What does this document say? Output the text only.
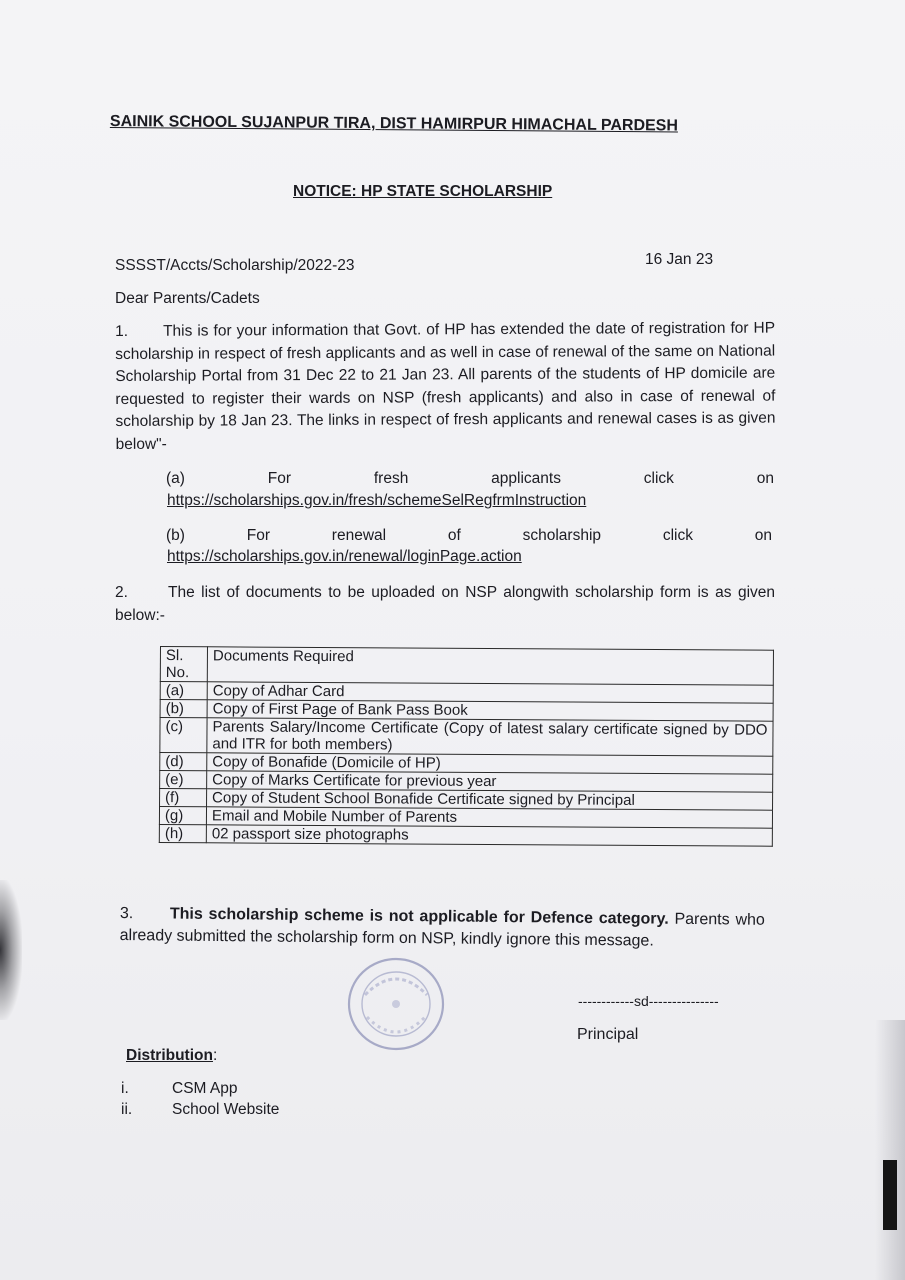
SAINIK SCHOOL SUJANPUR TIRA, DIST HAMIRPUR HIMACHAL PARDESH
NOTICE: HP STATE SCHOLARSHIP
SSSST/Accts/Scholarship/2022-23	16 Jan 23
Dear Parents/Cadets
1. This is for your information that Govt. of HP has extended the date of registration for HP scholarship in respect of fresh applicants and as well in case of renewal of the same on National Scholarship Portal from 31 Dec 22 to 21 Jan 23. All parents of the students of HP domicile are requested to register their wards on NSP (fresh applicants) and also in case of renewal of scholarship by 18 Jan 23. The links in respect of fresh applicants and renewal cases is as given below"-
(a)	For	fresh	applicants	click	on
https://scholarships.gov.in/fresh/schemeSelRegfrmInstruction
(b)	For	renewal	of	scholarship	click	on
https://scholarships.gov.in/renewal/loginPage.action
2.	The list of documents to be uploaded on NSP alongwith scholarship form is as given below:-
Sl. No.	Documents Required
(a)	Copy of Adhar Card
(b)	Copy of First Page of Bank Pass Book
(c)	Parents Salary/Income Certificate (Copy of latest salary certificate signed by DDO and ITR for both members)
(d)	Copy of Bonafide (Domicile of HP)
(e)	Copy of Marks Certificate for previous year
(f)	Copy of Student School Bonafide Certificate signed by Principal
(g)	Email and Mobile Number of Parents
(h)	02 passport size photographs
3. This scholarship scheme is not applicable for Defence category. Parents who already submitted the scholarship form on NSP, kindly ignore this message.
------------sd---------------
Principal
Distribution:
i.	CSM App
ii.	School Website
